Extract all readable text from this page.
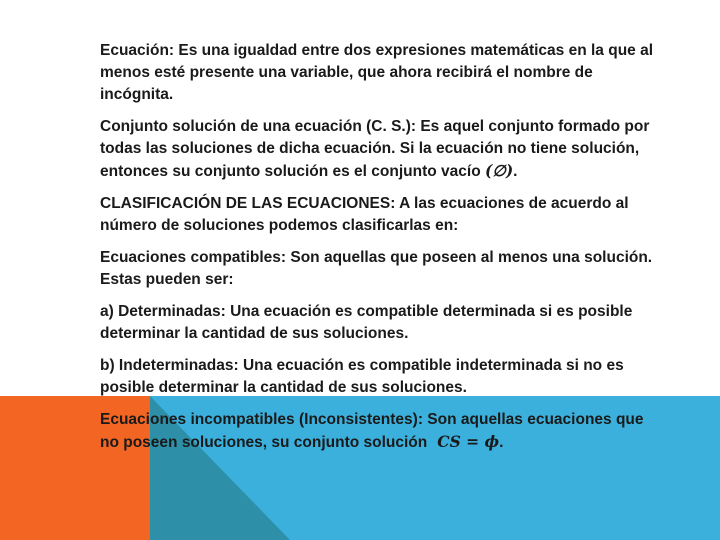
Ecuación: Es una igualdad entre dos expresiones matemáticas en la que al menos esté presente una variable, que ahora recibirá el nombre de incógnita.

Conjunto solución de una ecuación (C. S.): Es aquel conjunto formado por todas las soluciones de dicha ecuación. Si la ecuación no tiene solución, entonces su conjunto solución es el conjunto vacío (∅).

CLASIFICACIÓN DE LAS ECUACIONES: A las ecuaciones de acuerdo al número de soluciones podemos clasificarlas en:

Ecuaciones compatibles: Son aquellas que poseen al menos una solución. Estas pueden ser:

a) Determinadas: Una ecuación es compatible determinada si es posible determinar la cantidad de sus soluciones.

b) Indeterminadas: Una ecuación es compatible indeterminada si no es posible determinar la cantidad de sus soluciones.

Ecuaciones incompatibles (Inconsistentes): Son aquellas ecuaciones que no poseen soluciones, su conjunto solución CS = ϕ.
